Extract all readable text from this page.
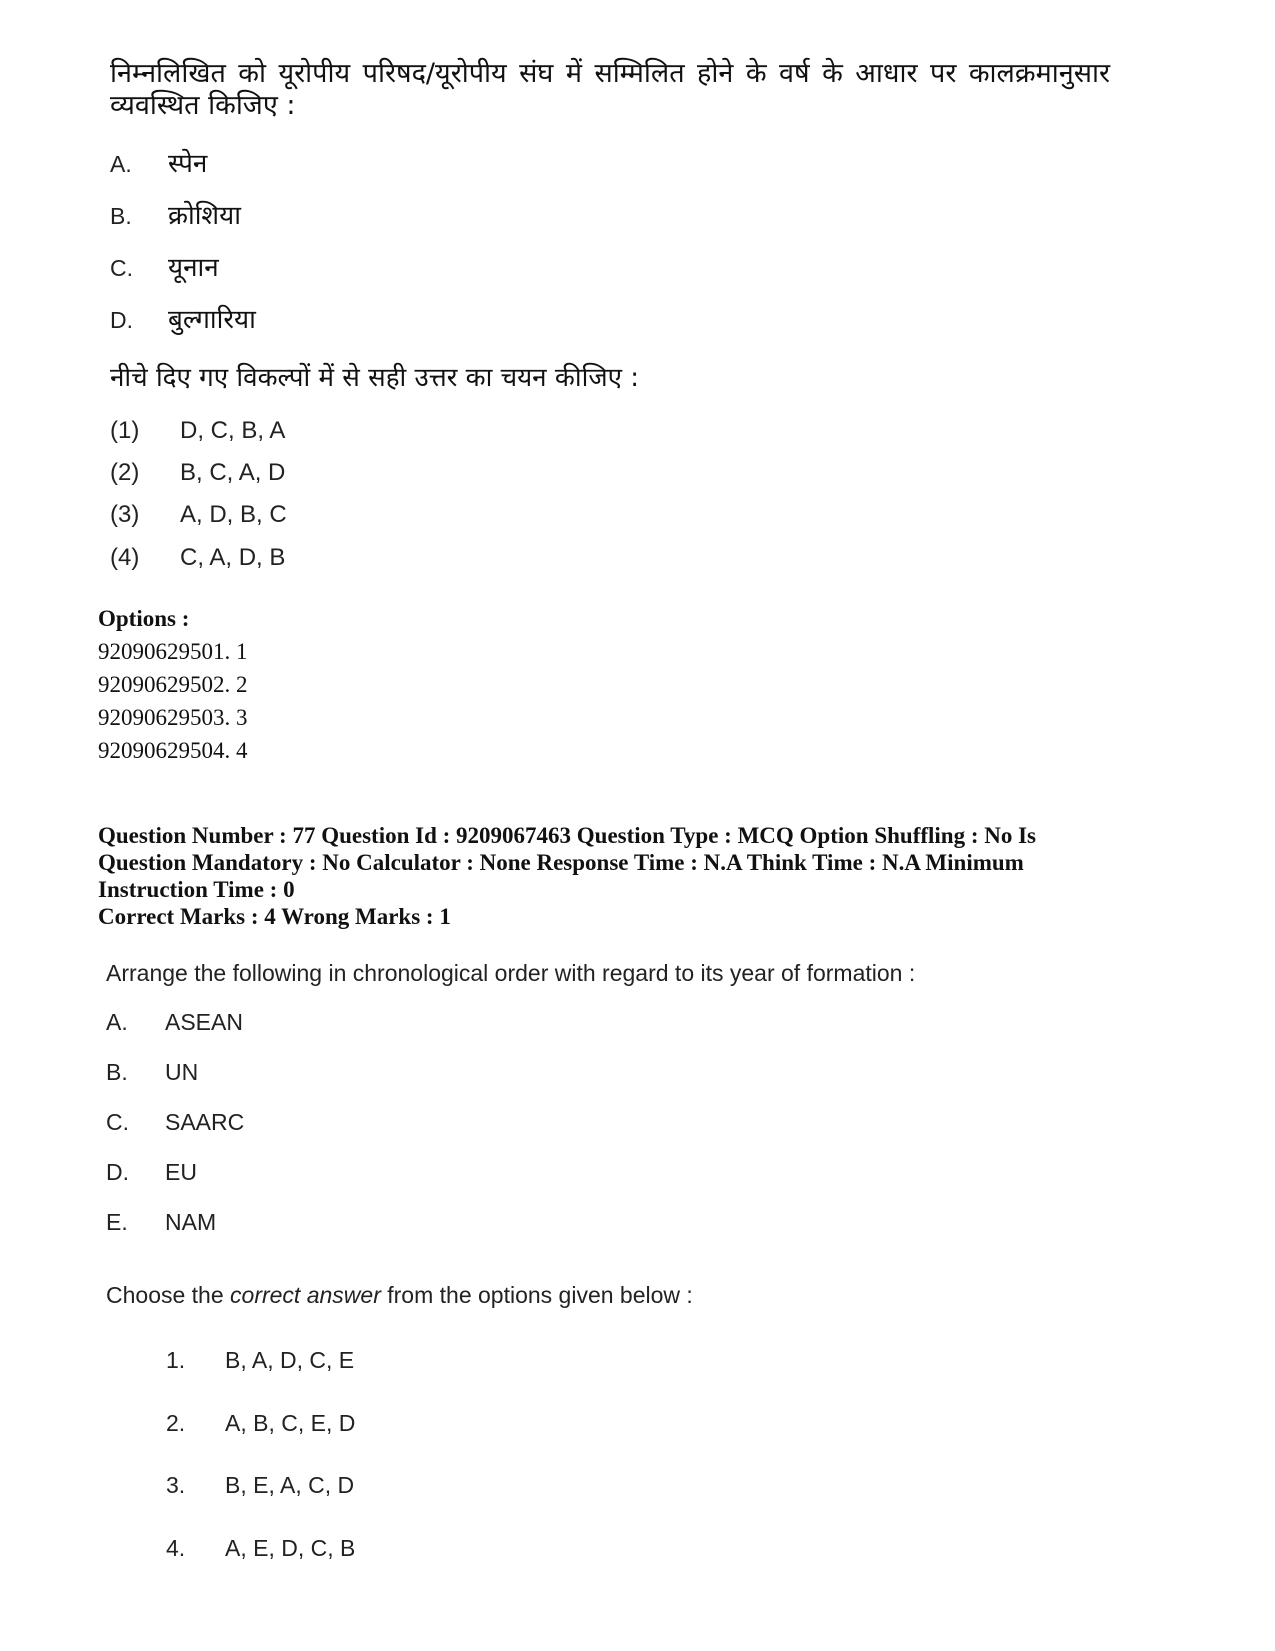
निम्नलिखित को यूरोपीय परिषद/यूरोपीय संघ में सम्मिलित होने के वर्ष के आधार पर कालक्रमानुसार व्यवस्थित किजिए :
A. स्पेन
B. क्रोशिया
C. यूनान
D. बुल्गारिया
नीचे दिए गए विकल्पों में से सही उत्तर का चयन कीजिए :
(1) D, C, B, A
(2) B, C, A, D
(3) A, D, B, C
(4) C, A, D, B
Options :
92090629501. 1
92090629502. 2
92090629503. 3
92090629504. 4
Question Number : 77 Question Id : 9209067463 Question Type : MCQ Option Shuffling : No Is Question Mandatory : No Calculator : None Response Time : N.A Think Time : N.A Minimum Instruction Time : 0
Correct Marks : 4 Wrong Marks : 1
Arrange the following in chronological order with regard to its year of formation :
A. ASEAN
B. UN
C. SAARC
D. EU
E. NAM
Choose the correct answer from the options given below :
1. B, A, D, C, E
2. A, B, C, E, D
3. B, E, A, C, D
4. A, E, D, C, B
